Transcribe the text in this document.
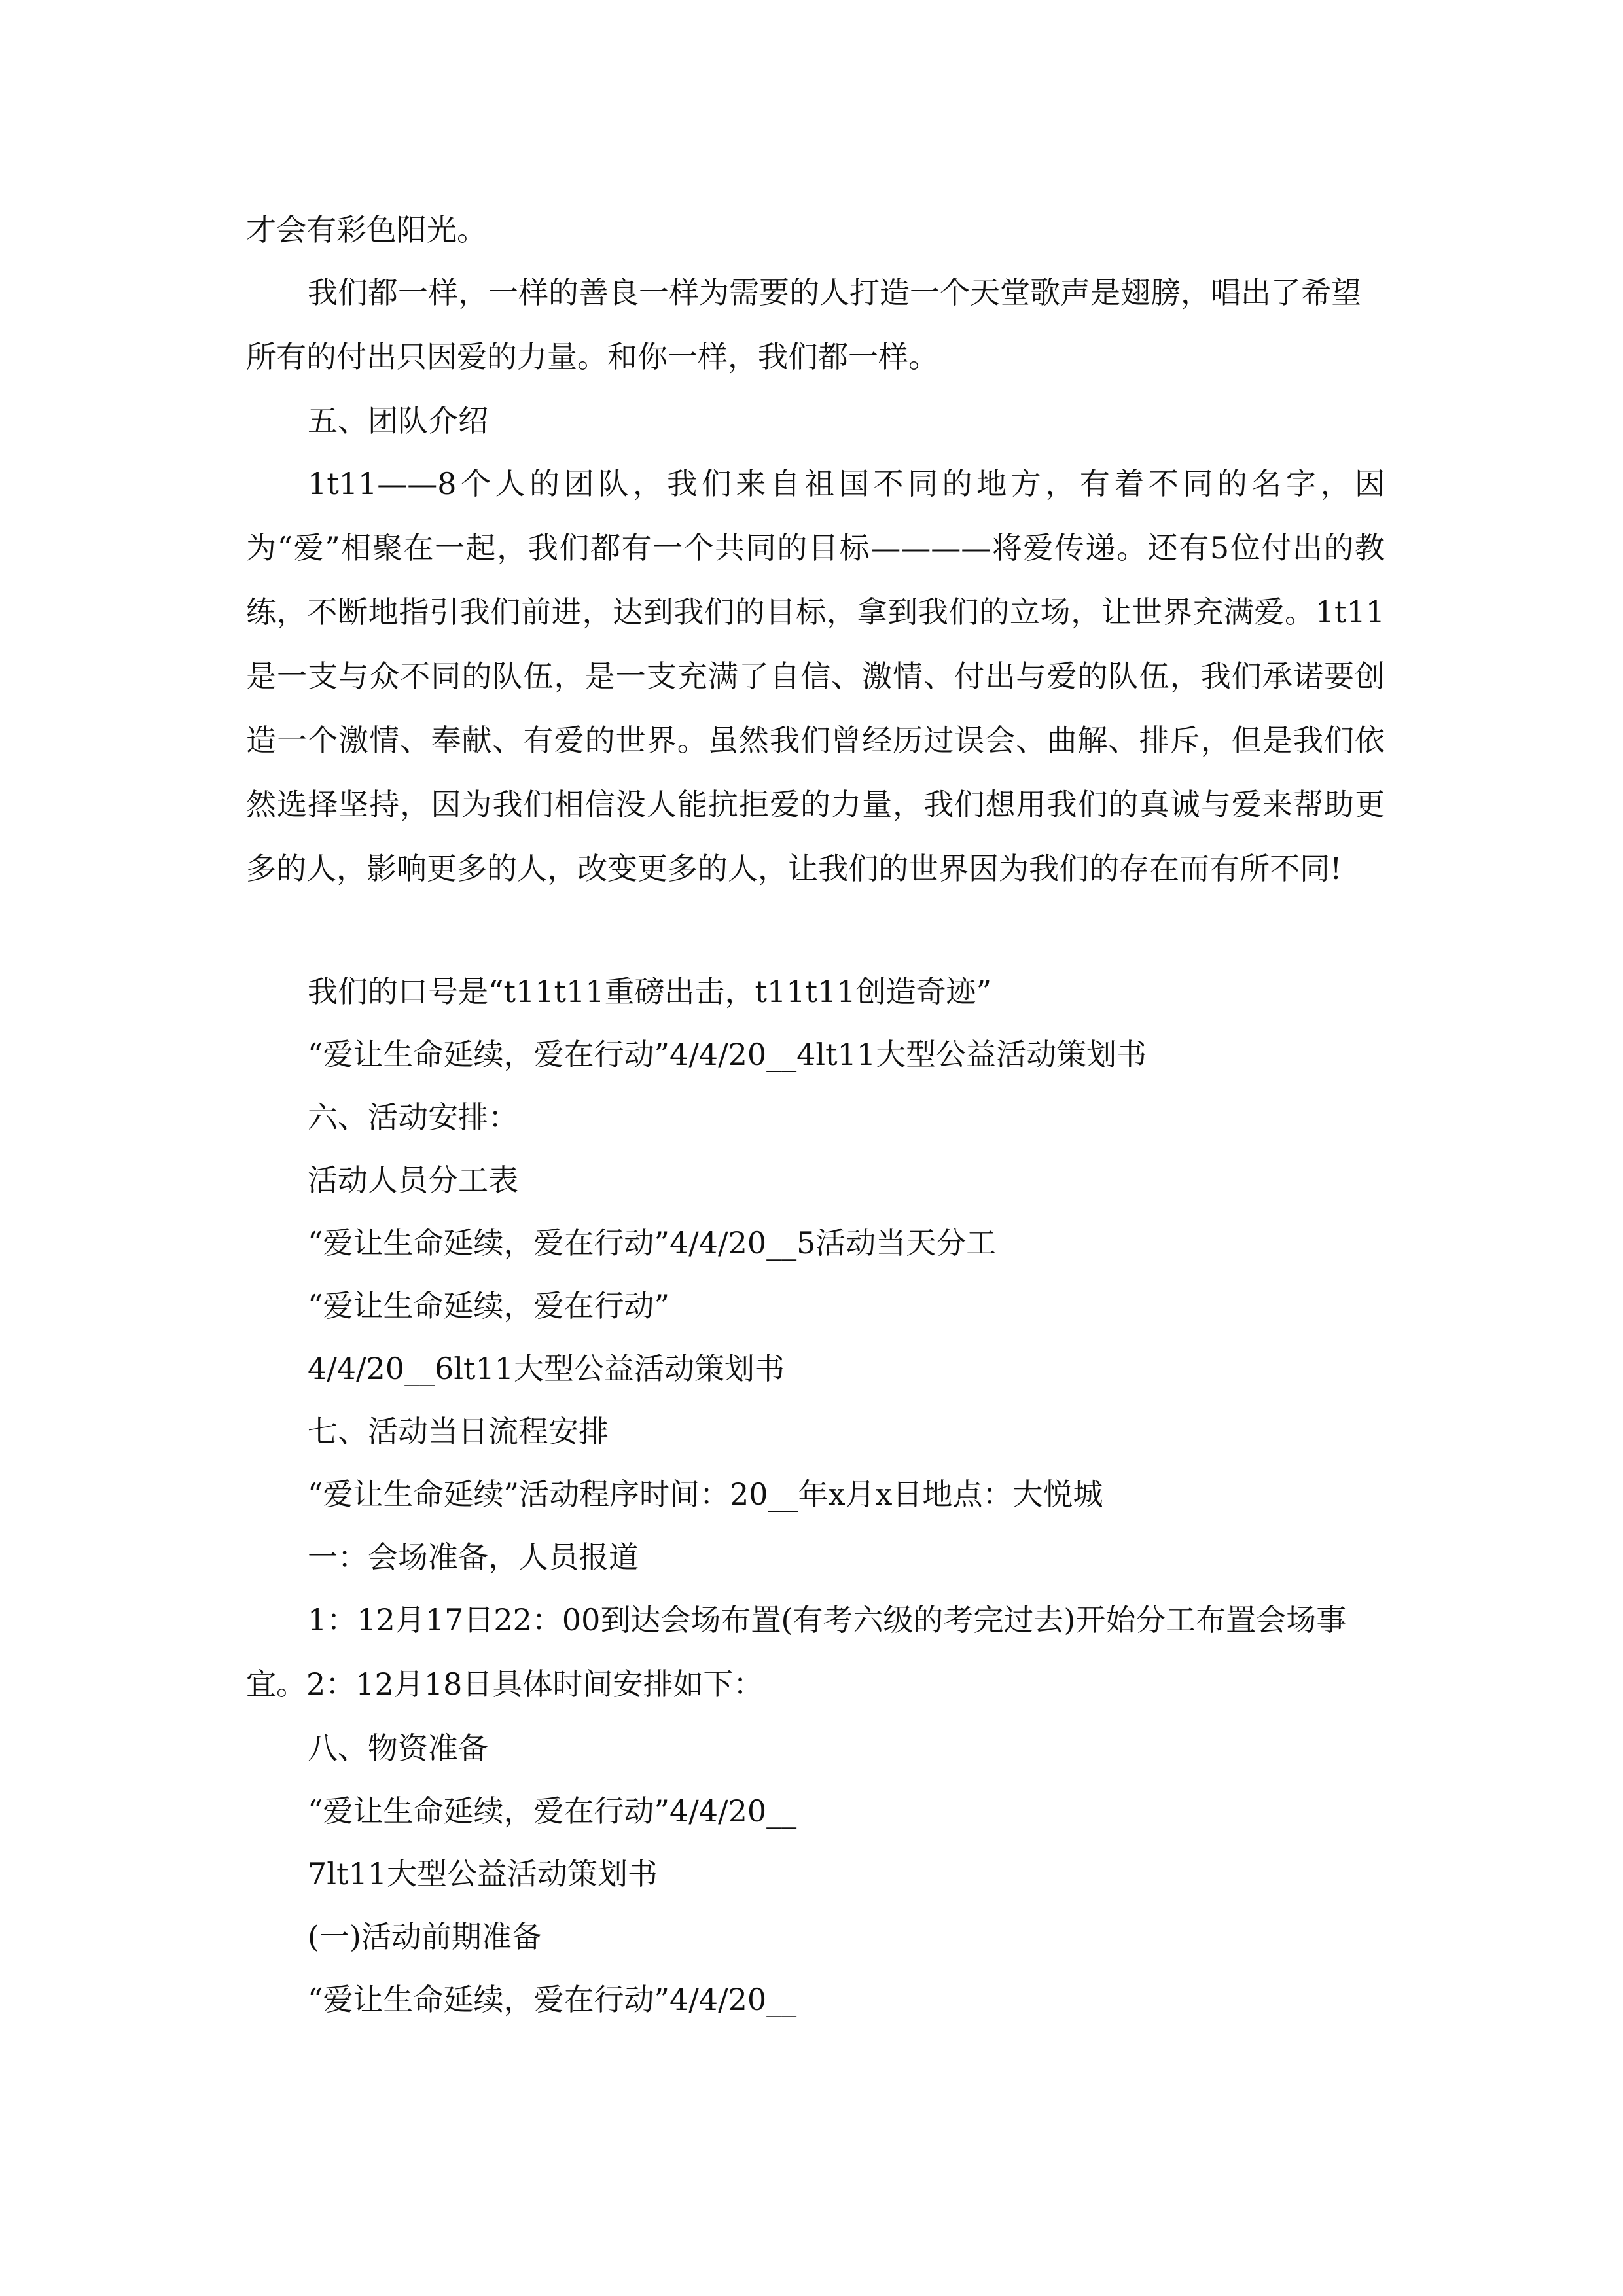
才会有彩色阳光。

我们都一样，一样的善良一样为需要的人打造一个天堂歌声是翅膀，唱出了希望所有的付出只因爱的力量。和你一样，我们都一样。

五、团队介绍

1t11——8个人的团队，我们来自祖国不同的地方，有着不同的名字，因为“爱”相聚在一起，我们都有一个共同的目标————将爱传递。还有5位付出的教练，不断地指引我们前进，达到我们的目标，拿到我们的立场，让世界充满爱。1t11是一支与众不同的队伍，是一支充满了自信、激情、付出与爱的队伍，我们承诺要创造一个激情、奉献、有爱的世界。虽然我们曾经历过误会、曲解、排斥，但是我们依然选择坚持，因为我们相信没人能抗拒爱的力量，我们想用我们的真诚与爱来帮助更多的人，影响更多的人，改变更多的人，让我们的世界因为我们的存在而有所不同!

我们的口号是“t11t11重磅出击，t11t11创造奇迹”

“爱让生命延续，爱在行动”4/4/20__4lt11大型公益活动策划书

六、活动安排：

活动人员分工表

“爱让生命延续，爱在行动”4/4/20__5活动当天分工

“爱让生命延续，爱在行动”

4/4/20__6lt11大型公益活动策划书

七、活动当日流程安排

“爱让生命延续”活动程序时间：20__年x月x日地点：大悦城

一：会场准备，人员报道

1：12月17日22：00到达会场布置(有考六级的考完过去)开始分工布置会场事宜。2：12月18日具体时间安排如下：

八、物资准备

“爱让生命延续，爱在行动”4/4/20__

7lt11大型公益活动策划书

(一)活动前期准备

“爱让生命延续，爱在行动”4/4/20__
